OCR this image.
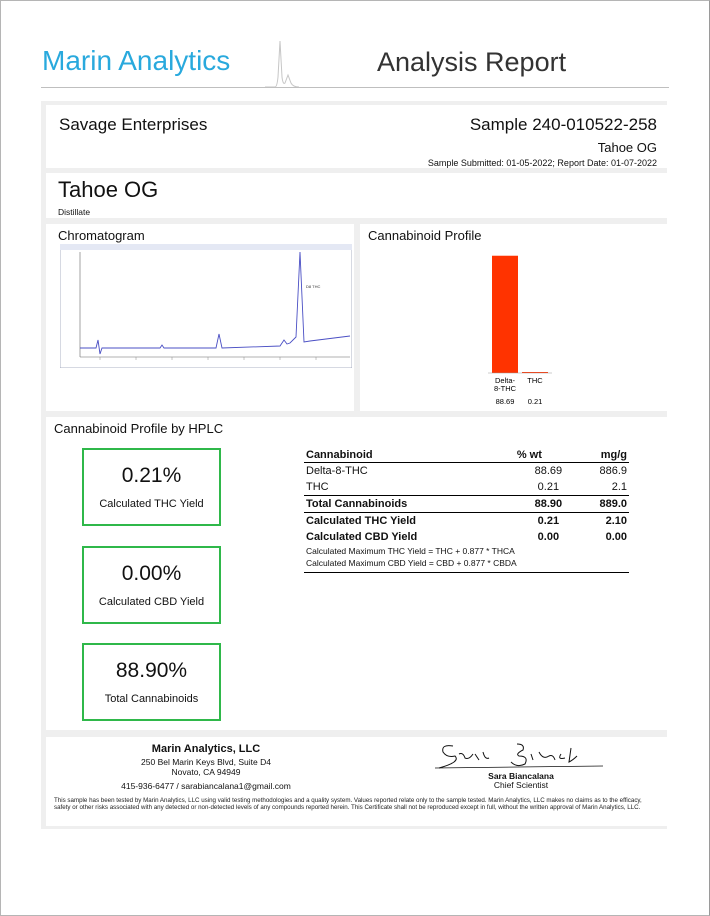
Marin Analytics	Analysis Report
Savage Enterprises	Sample 240-010522-258
Tahoe OG
Sample Submitted: 01-05-2022; Report Date: 01-07-2022
Tahoe OG
Distillate
Chromatogram
D8 THC
Cannabinoid Profile
Delta-
8-THC
88.69
THC
0.21
Cannabinoid Profile by HPLC
0.21%
Calculated THC Yield
0.00%
Calculated CBD Yield
88.90%
Total Cannabinoids
Cannabinoid	% wt	mg/g
Delta-8-THC	88.69	886.9
THC	0.21	2.1
Total Cannabinoids	88.90	889.0
Calculated THC Yield	0.21	2.10
Calculated CBD Yield	0.00	0.00
Calculated Maximum THC Yield = THC + 0.877 * THCA		
Calculated Maximum CBD Yield = CBD + 0.877 * CBDA		
Marin Analytics, LLC
250 Bel Marin Keys Blvd, Suite D4
Novato, CA 94949
415-936-6477 / sarabiancalana1@gmail.com
Sara Biancalana
Chief Scientist
This sample has been tested by Marin Analytics, LLC using valid testing methodologies and a quality system. Values reported relate only to the sample tested. Marin Analytics, LLC makes no claims as to the efficacy, safety or other risks associated with any detected or non-detected levels of any compounds reported herein. This Certificate shall not be reproduced except in full, without the written approval of Marin Analytics, LLC.
